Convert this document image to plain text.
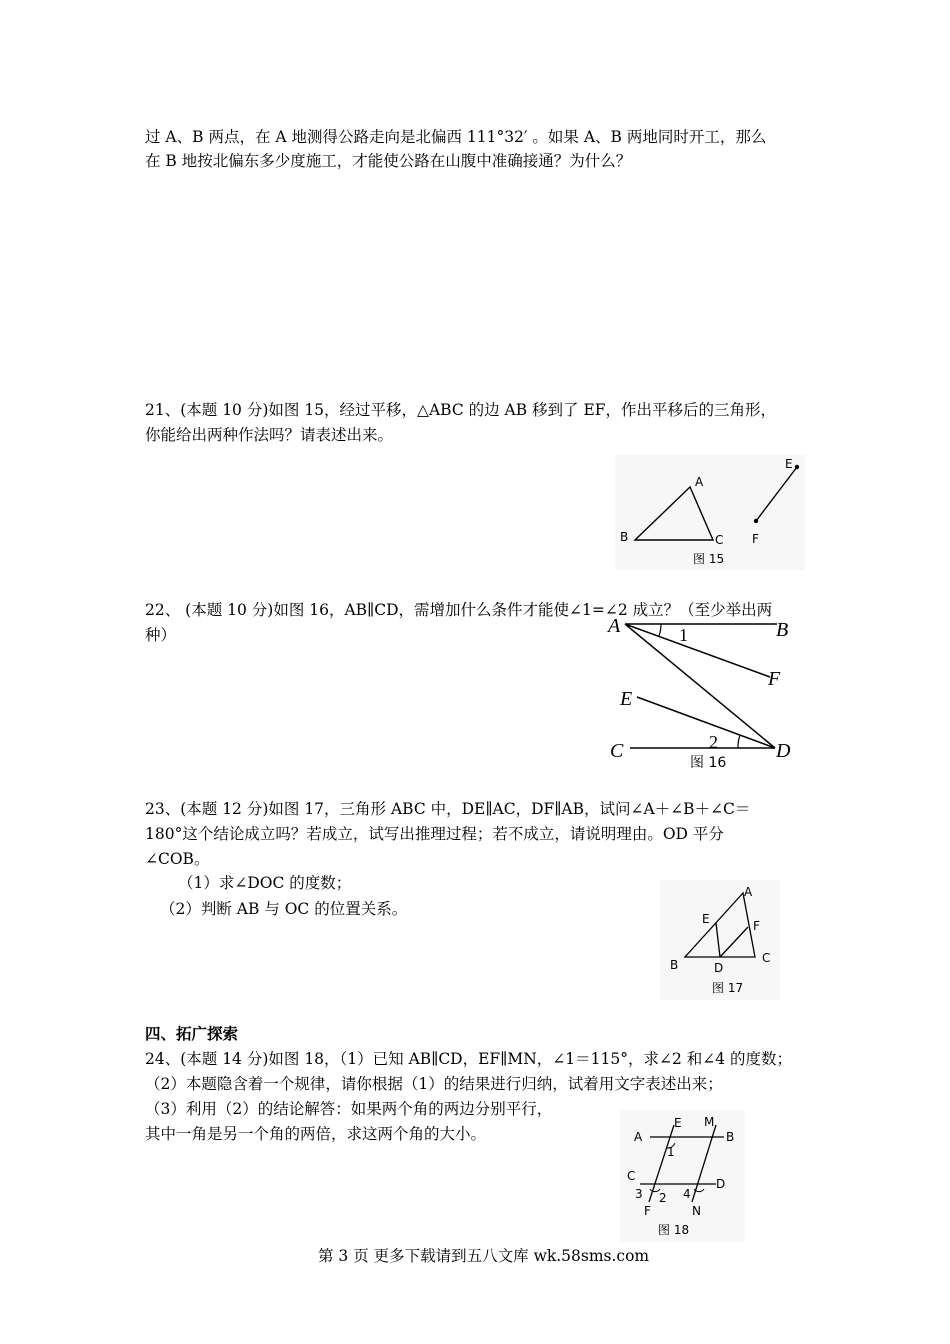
过 A、B 两点，在 A 地测得公路走向是北偏西 111°32′ 。如果 A、B 两地同时开工，那么
在 B 地按北偏东多少度施工，才能使公路在山腹中准确接通？为什么？
21、(本题 10 分)如图 15，经过平移，△ABC 的边 AB 移到了 EF，作出平移后的三角形，
你能给出两种作法吗？请表述出来。
A
B	C
E
F
图 15
22、 (本题 10 分)如图 16，AB∥CD，需增加什么条件才能使∠1=∠2 成立？（至少举出两
种）	A	B
F
E
C	D
1
2
图 16
23、(本题 12 分)如图 17，三角形 ABC 中，DE∥AC，DF∥AB，试问∠A＋∠B＋∠C＝
180°这个结论成立吗？若成立，试写出推理过程；若不成立，请说明理由。OD 平分
∠COB。
（1）求∠DOC 的度数；
（2）判断 AB 与 OC 的位置关系。
A
E	F
B	D
C
图 17
四、拓广探索
24、(本题 14 分)如图 18，（1）已知 AB∥CD，EF∥MN，∠1＝115°，求∠2 和∠4 的度数；
（2）本题隐含着一个规律，请你根据（1）的结果进行归纳，试着用文字表述出来；
（3）利用（2）的结论解答：如果两个角的两边分别平行，
其中一角是另一个角的两倍，求这两个角的大小。	A
E M
B
1
C
D
3 2 4
F	N
图 18
第 3 页 更多下载请到五八文库 wk.58sms.com
